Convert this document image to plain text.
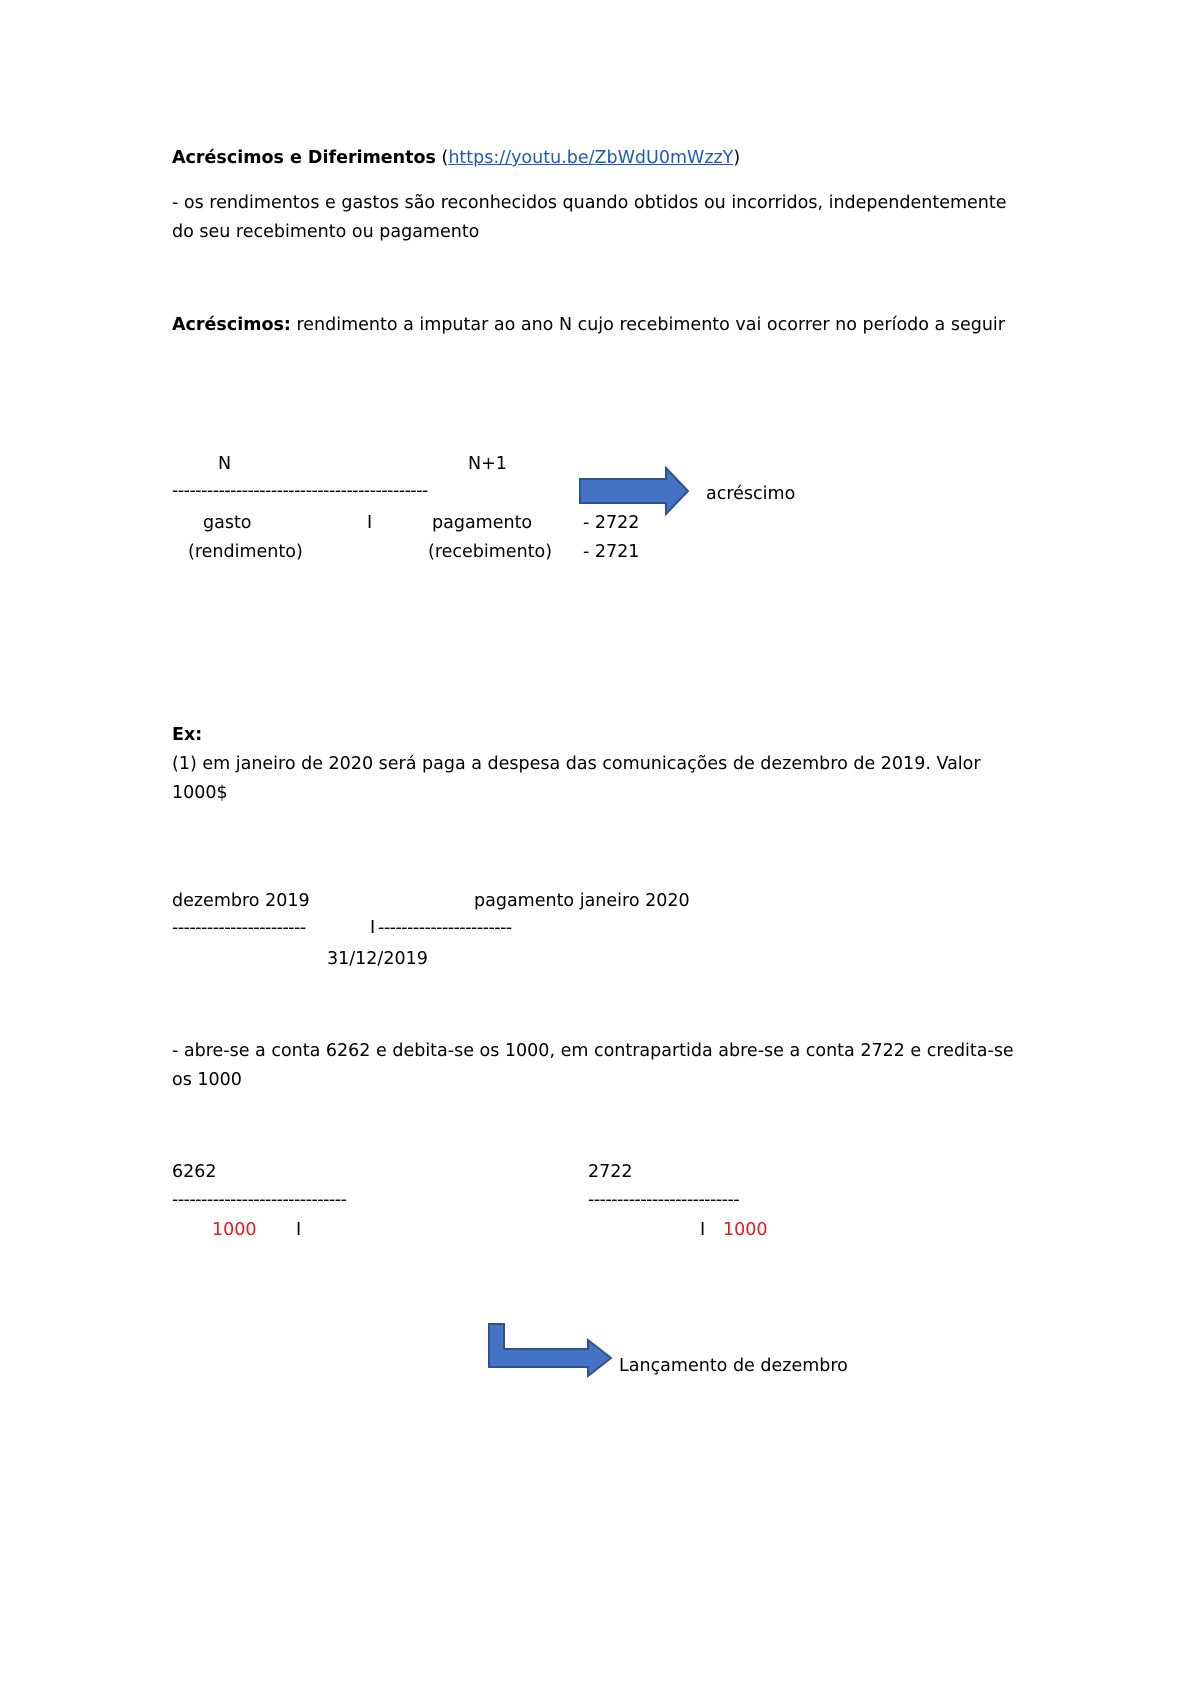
Acréscimos e Diferimentos (https://youtu.be/ZbWdU0mWzzY)
- os rendimentos e gastos são reconhecidos quando obtidos ou incorridos, independentemente
do seu recebimento ou pagamento
Acréscimos: rendimento a imputar ao ano N cujo recebimento vai ocorrer no período a seguir
N	N+1
--------------------------------------------	acréscimo
gasto	I	pagamento	- 2722
(rendimento)	(recebimento) - 2721
Ex:
(1) em janeiro de 2020 será paga a despesa das comunicações de dezembro de 2019. Valor
1000$
dezembro 2019	pagamento janeiro 2020
-----------------------	I -----------------------
31/12/2019
- abre-se a conta 6262 e debita-se os 1000, em contrapartida abre-se a conta 2722 e credita-se
os 1000
6262
------------------------------
1000 I
2722
--------------------------
I 1000
Lançamento de dezembro
